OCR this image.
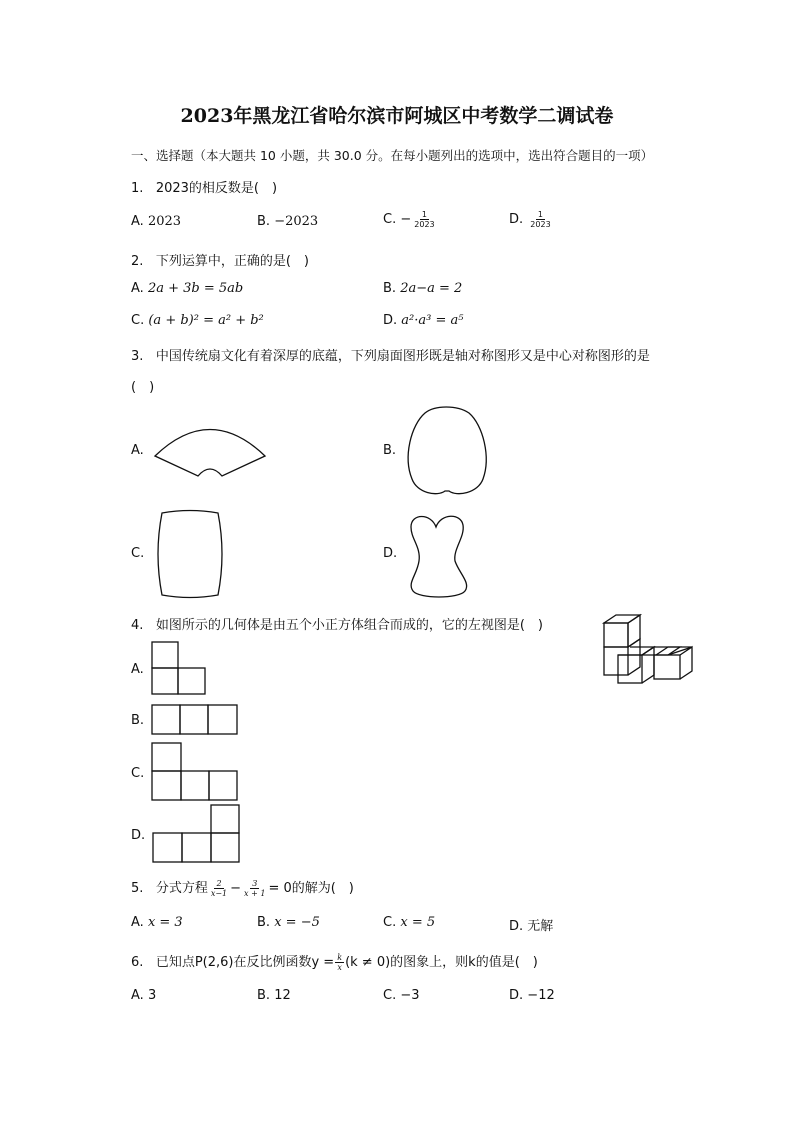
2023年黑龙江省哈尔滨市阿城区中考数学二调试卷
一、选择题（本大题共 10 小题，共 30.0 分。在每小题列出的选项中，选出符合题目的一项）
1. 2023的相反数是(　)
A. 2023	B. −2023	C. − $\frac{1}{2023}$	D. $\frac{1}{2023}$
2. 下列运算中，正确的是(　)
A. 2a + 3b = 5ab	B. 2a−a = 2
C. (a + b)² = a² + b²	D. a²·a³ = a⁵
3. 中国传统扇文化有着深厚的底蕴，下列扇面图形既是轴对称图形又是中心对称图形的是
(　)
A.	B.
C.	D.
4. 如图所示的几何体是由五个小正方体组合而成的，它的左视图是(　)
A.
B.
C.
D.
5. 分式方程 $\frac{2}{x-1} - \frac{3}{x + 1} = 0$的解为(　)
A. x = 3	B. x = −5	C. x = 5	D. 无解
6. 已知点P(2,6)在反比例函数$y = \frac{k}{x} (k \ne 0)$的图象上，则k的值是(　)
A. 3	B. 12	C. −3	D. −12
